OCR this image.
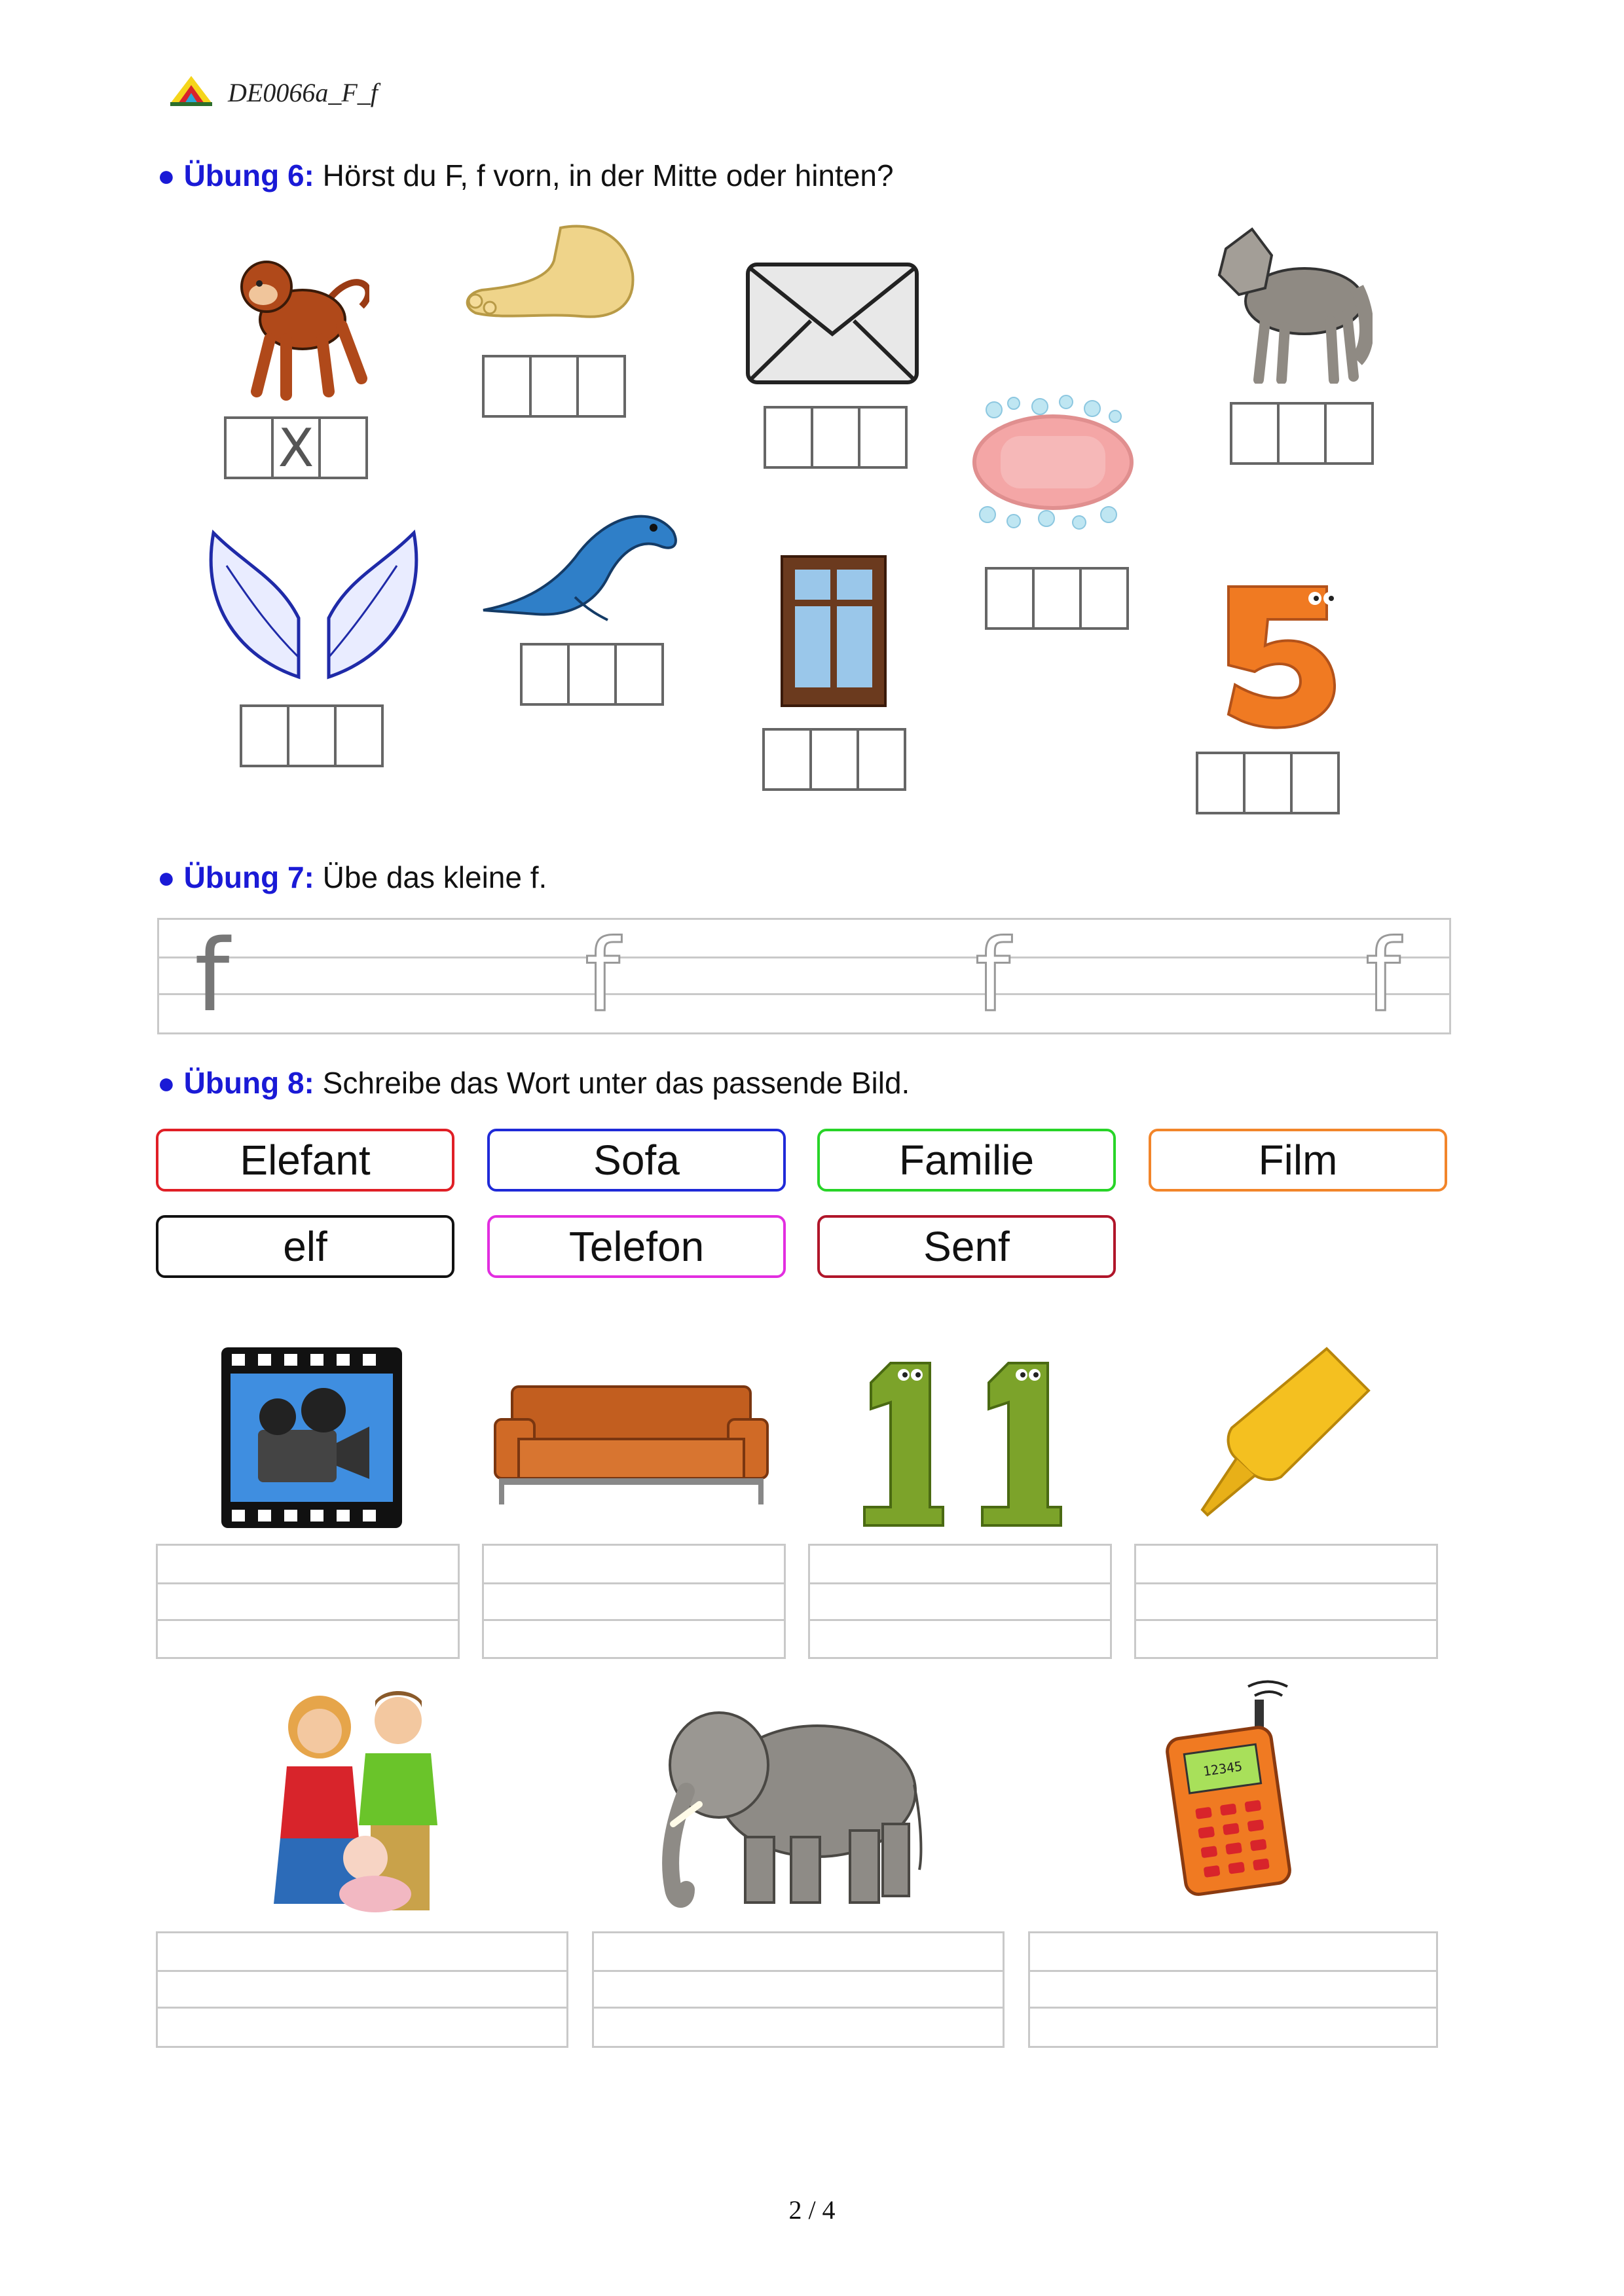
DE0066a_F_f
● Übung 6: Hörst du F, f vorn, in der Mitte oder hinten?
X
● Übung 7: Übe das kleine f.
f	f	f	f
● Übung 8: Schreibe das Wort unter das passende Bild.
Elefant	Sofa	Familie	Film
elf	Telefon	Senf
12345
2 / 4
